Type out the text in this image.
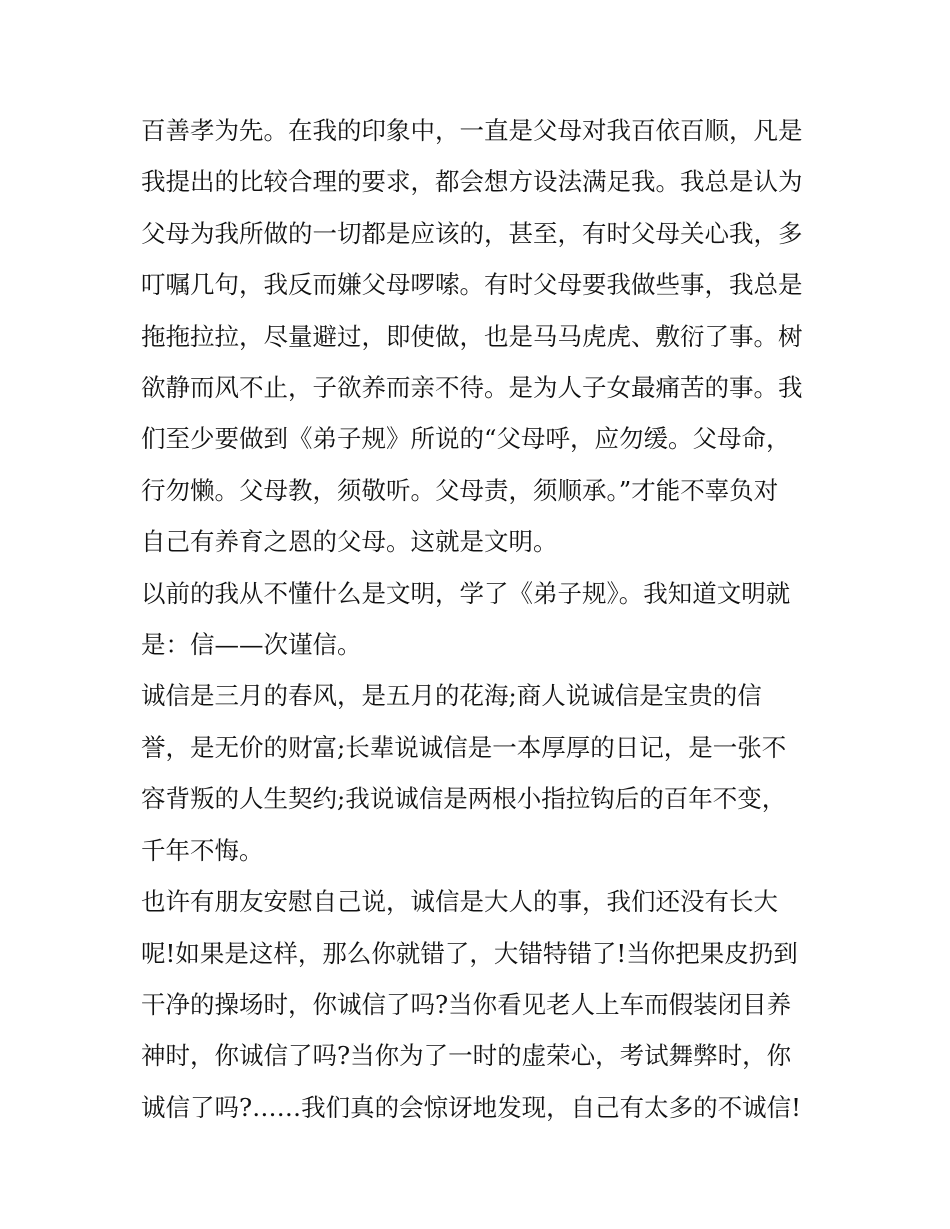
百善孝为先。在我的印象中，一直是父母对我百依百顺，凡是
我提出的比较合理的要求，都会想方设法满足我。我总是认为
父母为我所做的一切都是应该的，甚至，有时父母关心我，多
叮嘱几句，我反而嫌父母啰嗦。有时父母要我做些事，我总是
拖拖拉拉，尽量避过，即使做，也是马马虎虎、敷衍了事。树
欲静而风不止，子欲养而亲不待。是为人子女最痛苦的事。我
们至少要做到《弟子规》所说的“父母呼，应勿缓。父母命，
行勿懒。父母教，须敬听。父母责，须顺承。”才能不辜负对
自己有养育之恩的父母。这就是文明。

以前的我从不懂什么是文明，学了《弟子规》。我知道文明就
是：信——次谨信。

诚信是三月的春风，是五月的花海;商人说诚信是宝贵的信
誉，是无价的财富;长辈说诚信是一本厚厚的日记，是一张不
容背叛的人生契约;我说诚信是两根小指拉钩后的百年不变，
千年不悔。

也许有朋友安慰自己说，诚信是大人的事，我们还没有长大
呢!如果是这样，那么你就错了，大错特错了!当你把果皮扔到
干净的操场时，你诚信了吗?当你看见老人上车而假装闭目养
神时，你诚信了吗?当你为了一时的虚荣心，考试舞弊时，你
诚信了吗?……我们真的会惊讶地发现，自己有太多的不诚信!
